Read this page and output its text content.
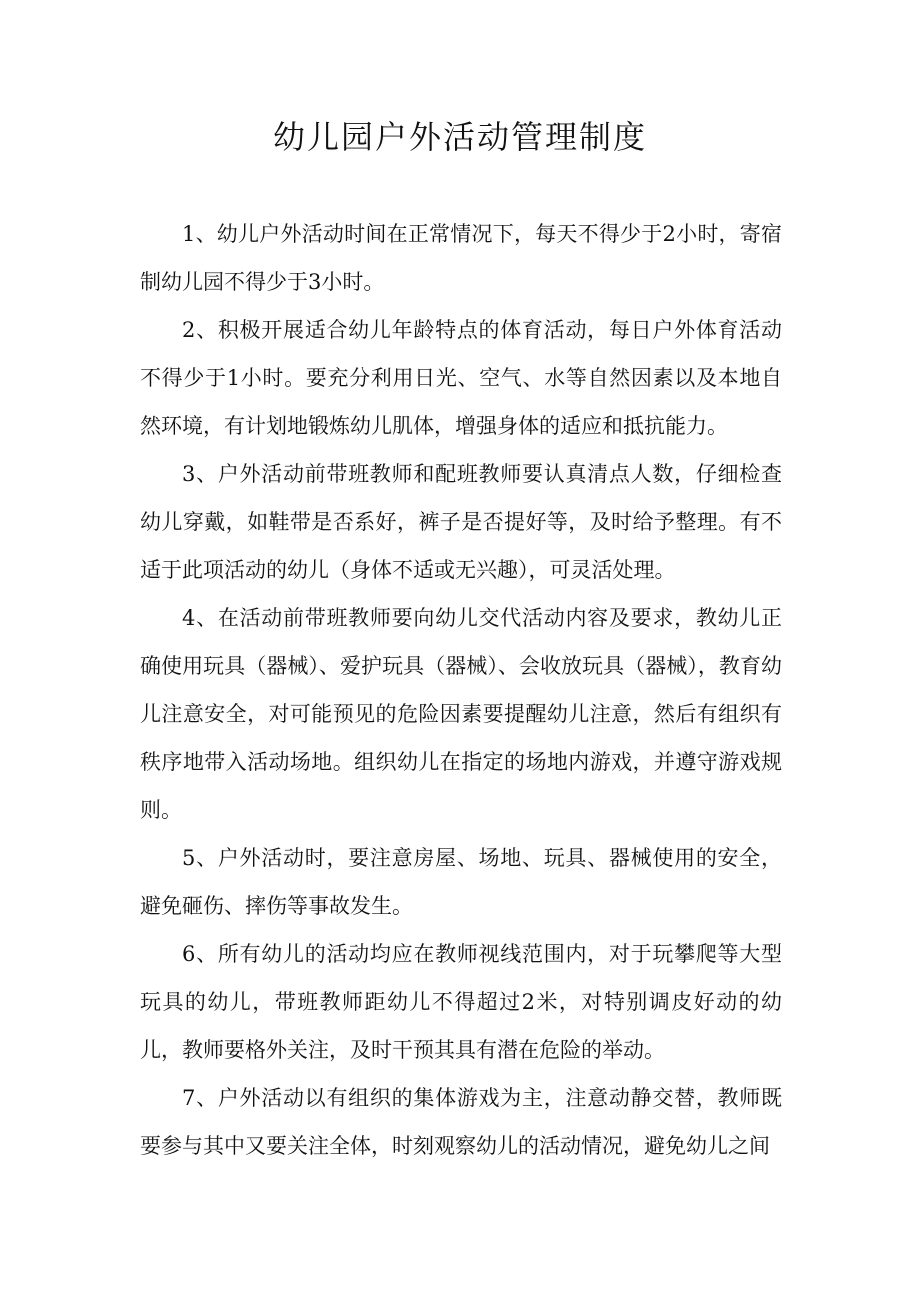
幼儿园户外活动管理制度

1、幼儿户外活动时间在正常情况下，每天不得少于2小时，寄宿制幼儿园不得少于3小时。

2、积极开展适合幼儿年龄特点的体育活动，每日户外体育活动不得少于1小时。要充分利用日光、空气、水等自然因素以及本地自然环境，有计划地锻炼幼儿肌体，增强身体的适应和抵抗能力。

3、户外活动前带班教师和配班教师要认真清点人数，仔细检查幼儿穿戴，如鞋带是否系好，裤子是否提好等，及时给予整理。有不适于此项活动的幼儿（身体不适或无兴趣），可灵活处理。

4、在活动前带班教师要向幼儿交代活动内容及要求，教幼儿正确使用玩具（器械）、爱护玩具（器械）、会收放玩具（器械），教育幼儿注意安全，对可能预见的危险因素要提醒幼儿注意，然后有组织有秩序地带入活动场地。组织幼儿在指定的场地内游戏，并遵守游戏规则。

5、户外活动时，要注意房屋、场地、玩具、器械使用的安全，避免砸伤、摔伤等事故发生。

6、所有幼儿的活动均应在教师视线范围内，对于玩攀爬等大型玩具的幼儿，带班教师距幼儿不得超过2米，对特别调皮好动的幼儿，教师要格外关注，及时干预其具有潜在危险的举动。

7、户外活动以有组织的集体游戏为主，注意动静交替，教师既要参与其中又要关注全体，时刻观察幼儿的活动情况，避免幼儿之间
